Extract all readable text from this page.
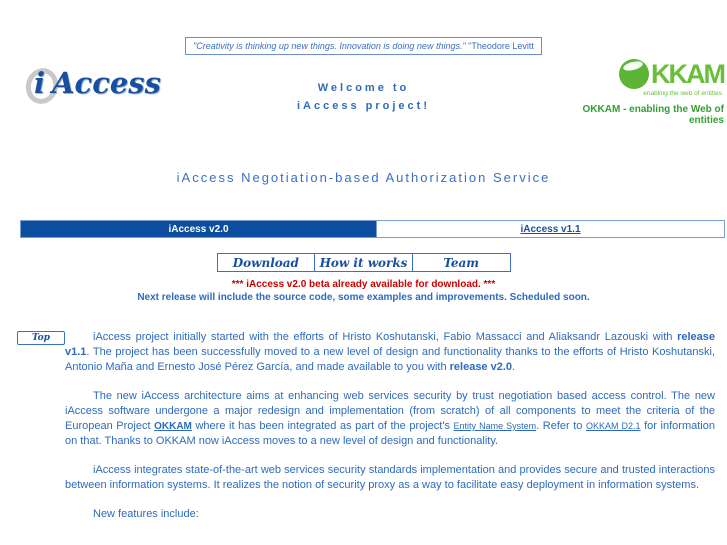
"Creativity is thinking up new things. Innovation is doing new things." "Theodore Levitt
i Access	Welcome to
iAccess project!
KKAM
enabling the web of entities
OKKAM - enabling the Web of entities
iAccess Negotiation-based Authorization Service
iAccess v2.0	iAccess v1.1
Download	How it works	Team
*** iAccess v2.0 beta already available for download. ***
Next release will include the source code, some examples and improvements. Scheduled soon.
Top	iAccess project initially started with the efforts of Hristo Koshutanski, Fabio Massacci and Aliaksandr Lazouski with release v1.1. The project has been successfully moved to a new level of design and functionality thanks to the efforts of Hristo Koshutanski, Antonio Maña and Ernesto José Pérez García, and made available to you with release v2.0.

The new iAccess architecture aims at enhancing web services security by trust negotiation based access control. The new iAccess software undergone a major redesign and implementation (from scratch) of all components to meet the criteria of the European Project OKKAM where it has been integrated as part of the project's Entity Name System. Refer to OKKAM D2.1 for information on that. Thanks to OKKAM now iAccess moves to a new level of design and functionality.

iAccess integrates state-of-the-art web services security standards implementation and provides secure and trusted interactions between information systems. It realizes the notion of security proxy as a way to facilitate easy deployment in information systems.

New features include:
